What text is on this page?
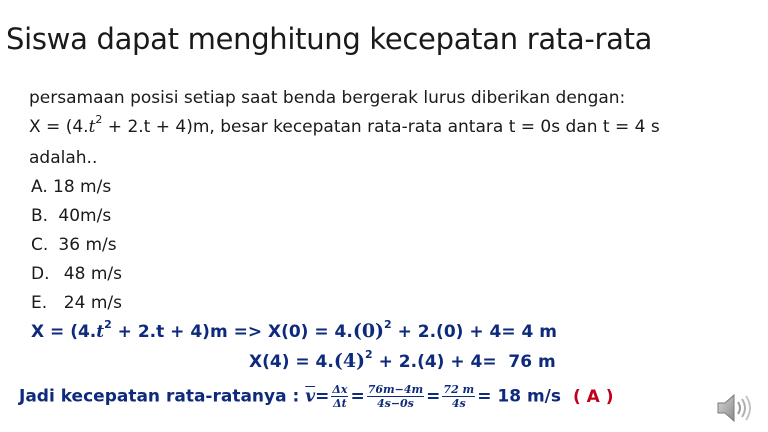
Siswa dapat menghitung kecepatan rata-rata
persamaan posisi setiap saat benda bergerak lurus diberikan dengan:
$X = (4.t^2 + 2.t + 4)m$, besar kecepatan rata-rata antara t = 0s dan t = 4 s
adalah..
A. 18 m/s
B. 40m/s
C. 36 m/s
D.  48 m/s
E.  24 m/s
$X = (4.t^2 + 2.t + 4)m => X(0) = 4.(0)^2 + 2.(0) + 4= 4$ m
$X(4) = 4.(4)^2 + 2.(4) + 4= 76$ m
Jadi kecepatan rata-ratanya : $\overline{v}= \frac{\Delta x}{\Delta t} = \frac{76m-4m}{4s-0s} = \frac{72 m}{4s} = 18$ m/s ( A )
